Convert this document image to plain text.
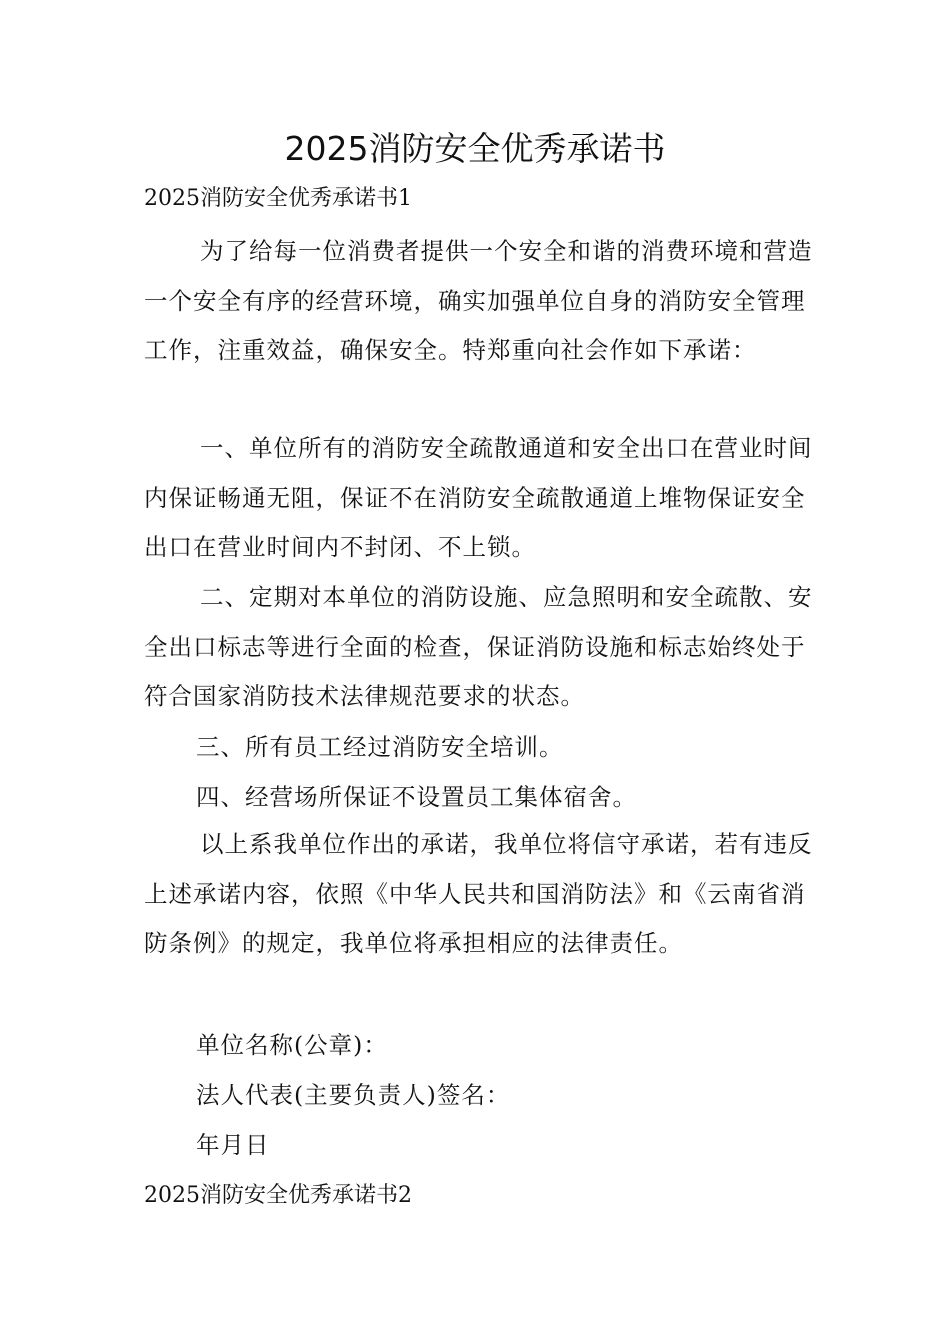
2025消防安全优秀承诺书

2025消防安全优秀承诺书1

为了给每一位消费者提供一个安全和谐的消费环境和营造一个安全有序的经营环境，确实加强单位自身的消防安全管理工作，注重效益，确保安全。特郑重向社会作如下承诺：

一、单位所有的消防安全疏散通道和安全出口在营业时间内保证畅通无阻，保证不在消防安全疏散通道上堆物保证安全出口在营业时间内不封闭、不上锁。

二、定期对本单位的消防设施、应急照明和安全疏散、安全出口标志等进行全面的检查，保证消防设施和标志始终处于符合国家消防技术法律规范要求的状态。

三、所有员工经过消防安全培训。

四、经营场所保证不设置员工集体宿舍。

以上系我单位作出的承诺，我单位将信守承诺，若有违反上述承诺内容，依照《中华人民共和国消防法》和《云南省消防条例》的规定，我单位将承担相应的法律责任。

单位名称(公章)：

法人代表(主要负责人)签名：

年月日

2025消防安全优秀承诺书2
